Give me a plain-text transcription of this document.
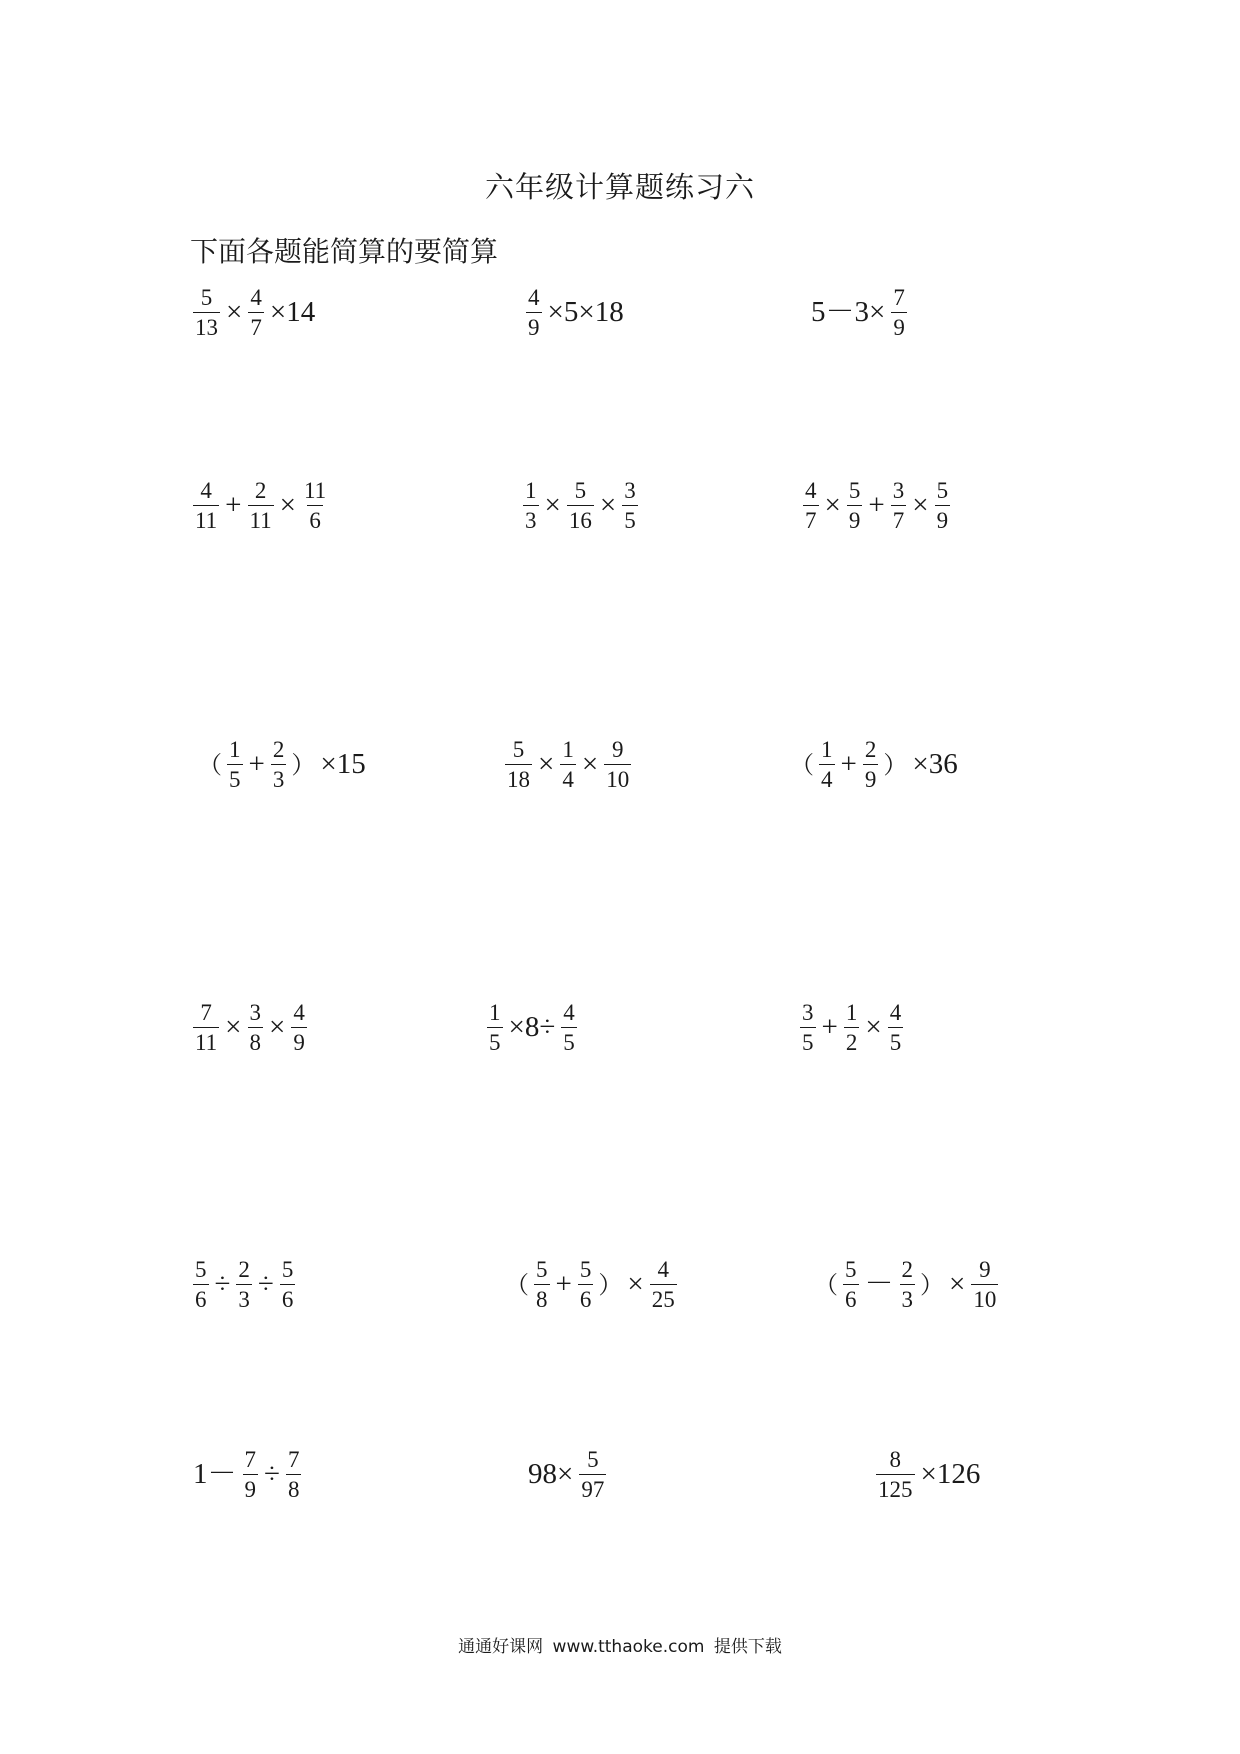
六年级计算题练习六
下面各题能简算的要简算
$\frac{5}{13} \times \frac{4}{7} \times 14$	$\frac{4}{9} \times 5\times 18$	$5-3\times \frac{7}{9}$
$\frac{4}{11} + \frac{2}{11} \times \frac{11}{6}$	$\frac{1}{3} \times \frac{5}{16} \times \frac{3}{5}$	$\frac{4}{7} \times \frac{5}{9} + \frac{3}{7} \times \frac{5}{9}$
（ $\frac{1}{5} + \frac{2}{3}$ ） ×15	$\frac{5}{18} \times \frac{1}{4} \times \frac{9}{10}$	（ $\frac{1}{4} + \frac{2}{9}$ ） ×36
$\frac{7}{11} \times \frac{3}{8} \times \frac{4}{9}$	$\frac{1}{5} \times 8\div \frac{4}{5}$	$\frac{3}{5} + \frac{1}{2} \times \frac{4}{5}$
$\frac{5}{6} \div \frac{2}{3} \div \frac{5}{6}$	（ $\frac{5}{8} + \frac{5}{6}$ ） × $\frac{4}{25}$	（ $\frac{5}{6} - \frac{2}{3}$ ） × $\frac{9}{10}$
$1- \frac{7}{9} \div \frac{7}{8}$	$98\times \frac{5}{97}$	$\frac{8}{125} \times 126$
通通好课网 www.tthaoke.com 提供下载
